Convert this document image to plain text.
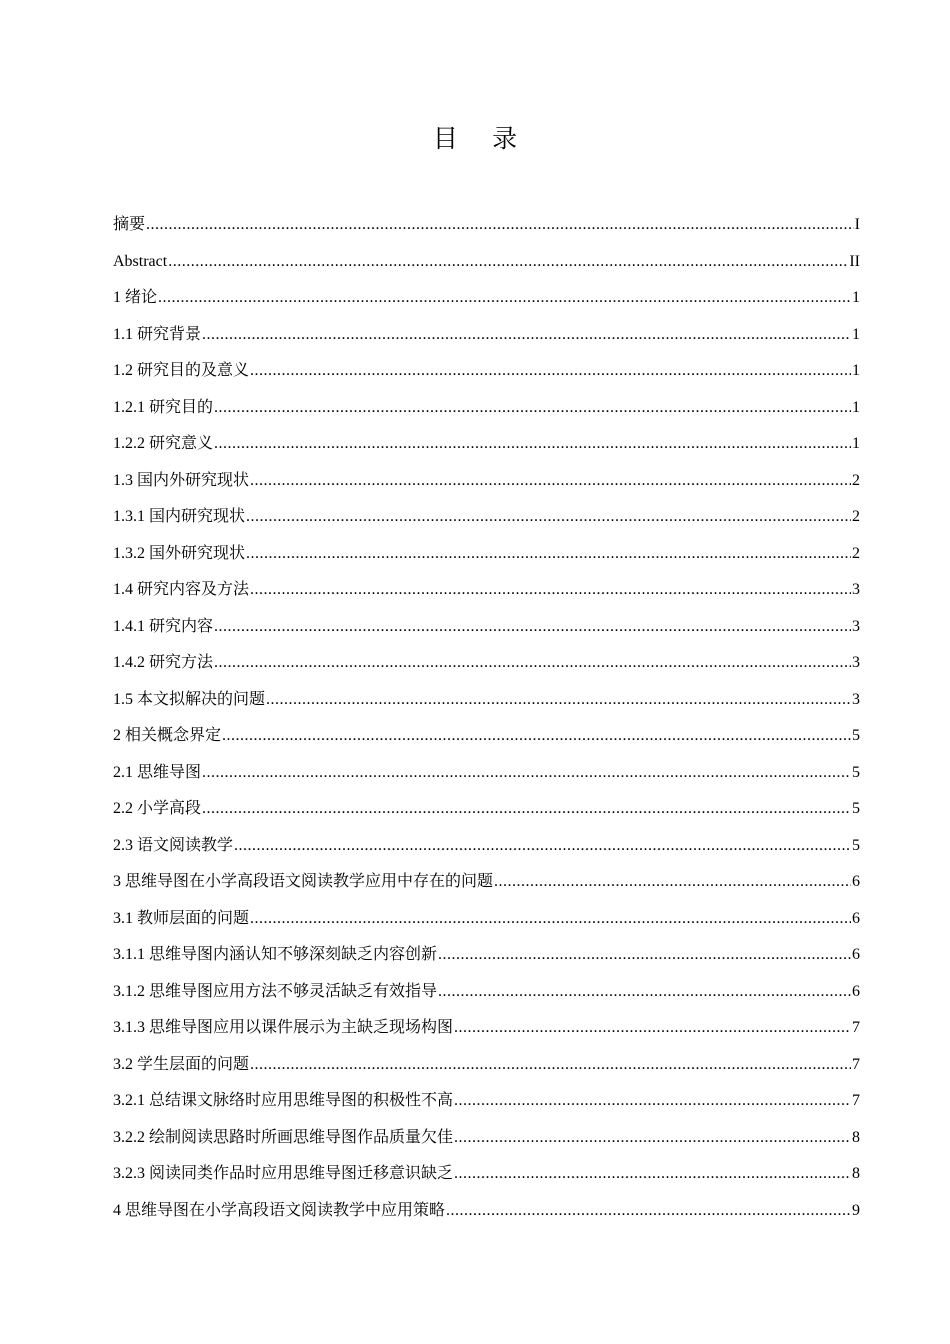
目 录
摘要 .....	I
Abstract .....	II
1 绪论 .....	1
1.1 研究背景 .....	1
1.2 研究目的及意义 .....	1
1.2.1 研究目的 .....	1
1.2.2 研究意义 .....	1
1.3 国内外研究现状 .....	2
1.3.1 国内研究现状 .....	2
1.3.2 国外研究现状 .....	2
1.4 研究内容及方法 .....	3
1.4.1 研究内容 .....	3
1.4.2 研究方法 .....	3
1.5 本文拟解决的问题 .....	3
2 相关概念界定 .....	5
2.1 思维导图 .....	5
2.2 小学高段 .....	5
2.3 语文阅读教学 .....	5
3 思维导图在小学高段语文阅读教学应用中存在的问题 .....	6
3.1 教师层面的问题 .....	6
3.1.1 思维导图内涵认知不够深刻缺乏内容创新 .....	6
3.1.2 思维导图应用方法不够灵活缺乏有效指导 .....	6
3.1.3 思维导图应用以课件展示为主缺乏现场构图 .....	7
3.2 学生层面的问题 .....	7
3.2.1 总结课文脉络时应用思维导图的积极性不高 .....	7
3.2.2 绘制阅读思路时所画思维导图作品质量欠佳 .....	8
3.2.3 阅读同类作品时应用思维导图迁移意识缺乏 .....	8
4 思维导图在小学高段语文阅读教学中应用策略 .....	9
